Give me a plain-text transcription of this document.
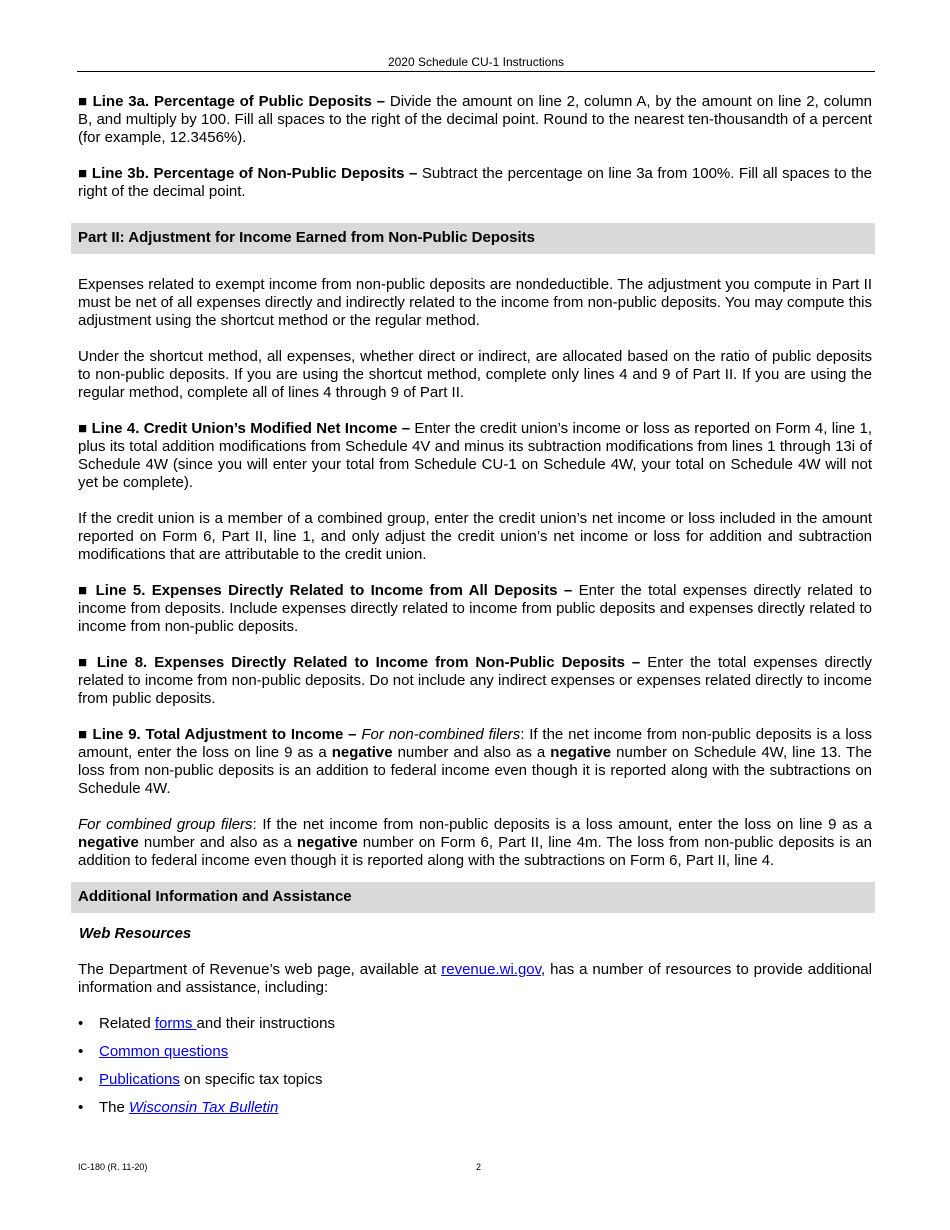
2020 Schedule CU-1 Instructions

■ Line 3a. Percentage of Public Deposits – Divide the amount on line 2, column A, by the amount on line 2, column B, and multiply by 100. Fill all spaces to the right of the decimal point. Round to the nearest ten-thousandth of a percent (for example, 12.3456%).

■ Line 3b. Percentage of Non-Public Deposits – Subtract the percentage on line 3a from 100%. Fill all spaces to the right of the decimal point.

Part II: Adjustment for Income Earned from Non-Public Deposits

Expenses related to exempt income from non-public deposits are nondeductible. The adjustment you compute in Part II must be net of all expenses directly and indirectly related to the income from non-public deposits. You may compute this adjustment using the shortcut method or the regular method.

Under the shortcut method, all expenses, whether direct or indirect, are allocated based on the ratio of public deposits to non-public deposits. If you are using the shortcut method, complete only lines 4 and 9 of Part II. If you are using the regular method, complete all of lines 4 through 9 of Part II.

■ Line 4. Credit Union’s Modified Net Income – Enter the credit union’s income or loss as reported on Form 4, line 1, plus its total addition modifications from Schedule 4V and minus its subtraction modifications from lines 1 through 13i of Schedule 4W (since you will enter your total from Schedule CU-1 on Schedule 4W, your total on Schedule 4W will not yet be complete).

If the credit union is a member of a combined group, enter the credit union’s net income or loss included in the amount reported on Form 6, Part II, line 1, and only adjust the credit union’s net income or loss for addition and subtraction modifications that are attributable to the credit union.

■ Line 5. Expenses Directly Related to Income from All Deposits – Enter the total expenses directly related to income from deposits. Include expenses directly related to income from public deposits and expenses directly related to income from non-public deposits.

■ Line 8. Expenses Directly Related to Income from Non-Public Deposits – Enter the total expenses directly related to income from non-public deposits. Do not include any indirect expenses or expenses related directly to income from public deposits.

■ Line 9. Total Adjustment to Income – For non-combined filers: If the net income from non-public deposits is a loss amount, enter the loss on line 9 as a negative number and also as a negative number on Schedule 4W, line 13. The loss from non-public deposits is an addition to federal income even though it is reported along with the subtractions on Schedule 4W.

For combined group filers: If the net income from non-public deposits is a loss amount, enter the loss on line 9 as a negative number and also as a negative number on Form 6, Part II, line 4m. The loss from non-public deposits is an addition to federal income even though it is reported along with the subtractions on Form 6, Part II, line 4.

Additional Information and Assistance

Web Resources

The Department of Revenue’s web page, available at revenue.wi.gov, has a number of resources to provide additional information and assistance, including:

• Related forms and their instructions
• Common questions
• Publications on specific tax topics
• The Wisconsin Tax Bulletin
IC-180 (R. 11-20)	2
